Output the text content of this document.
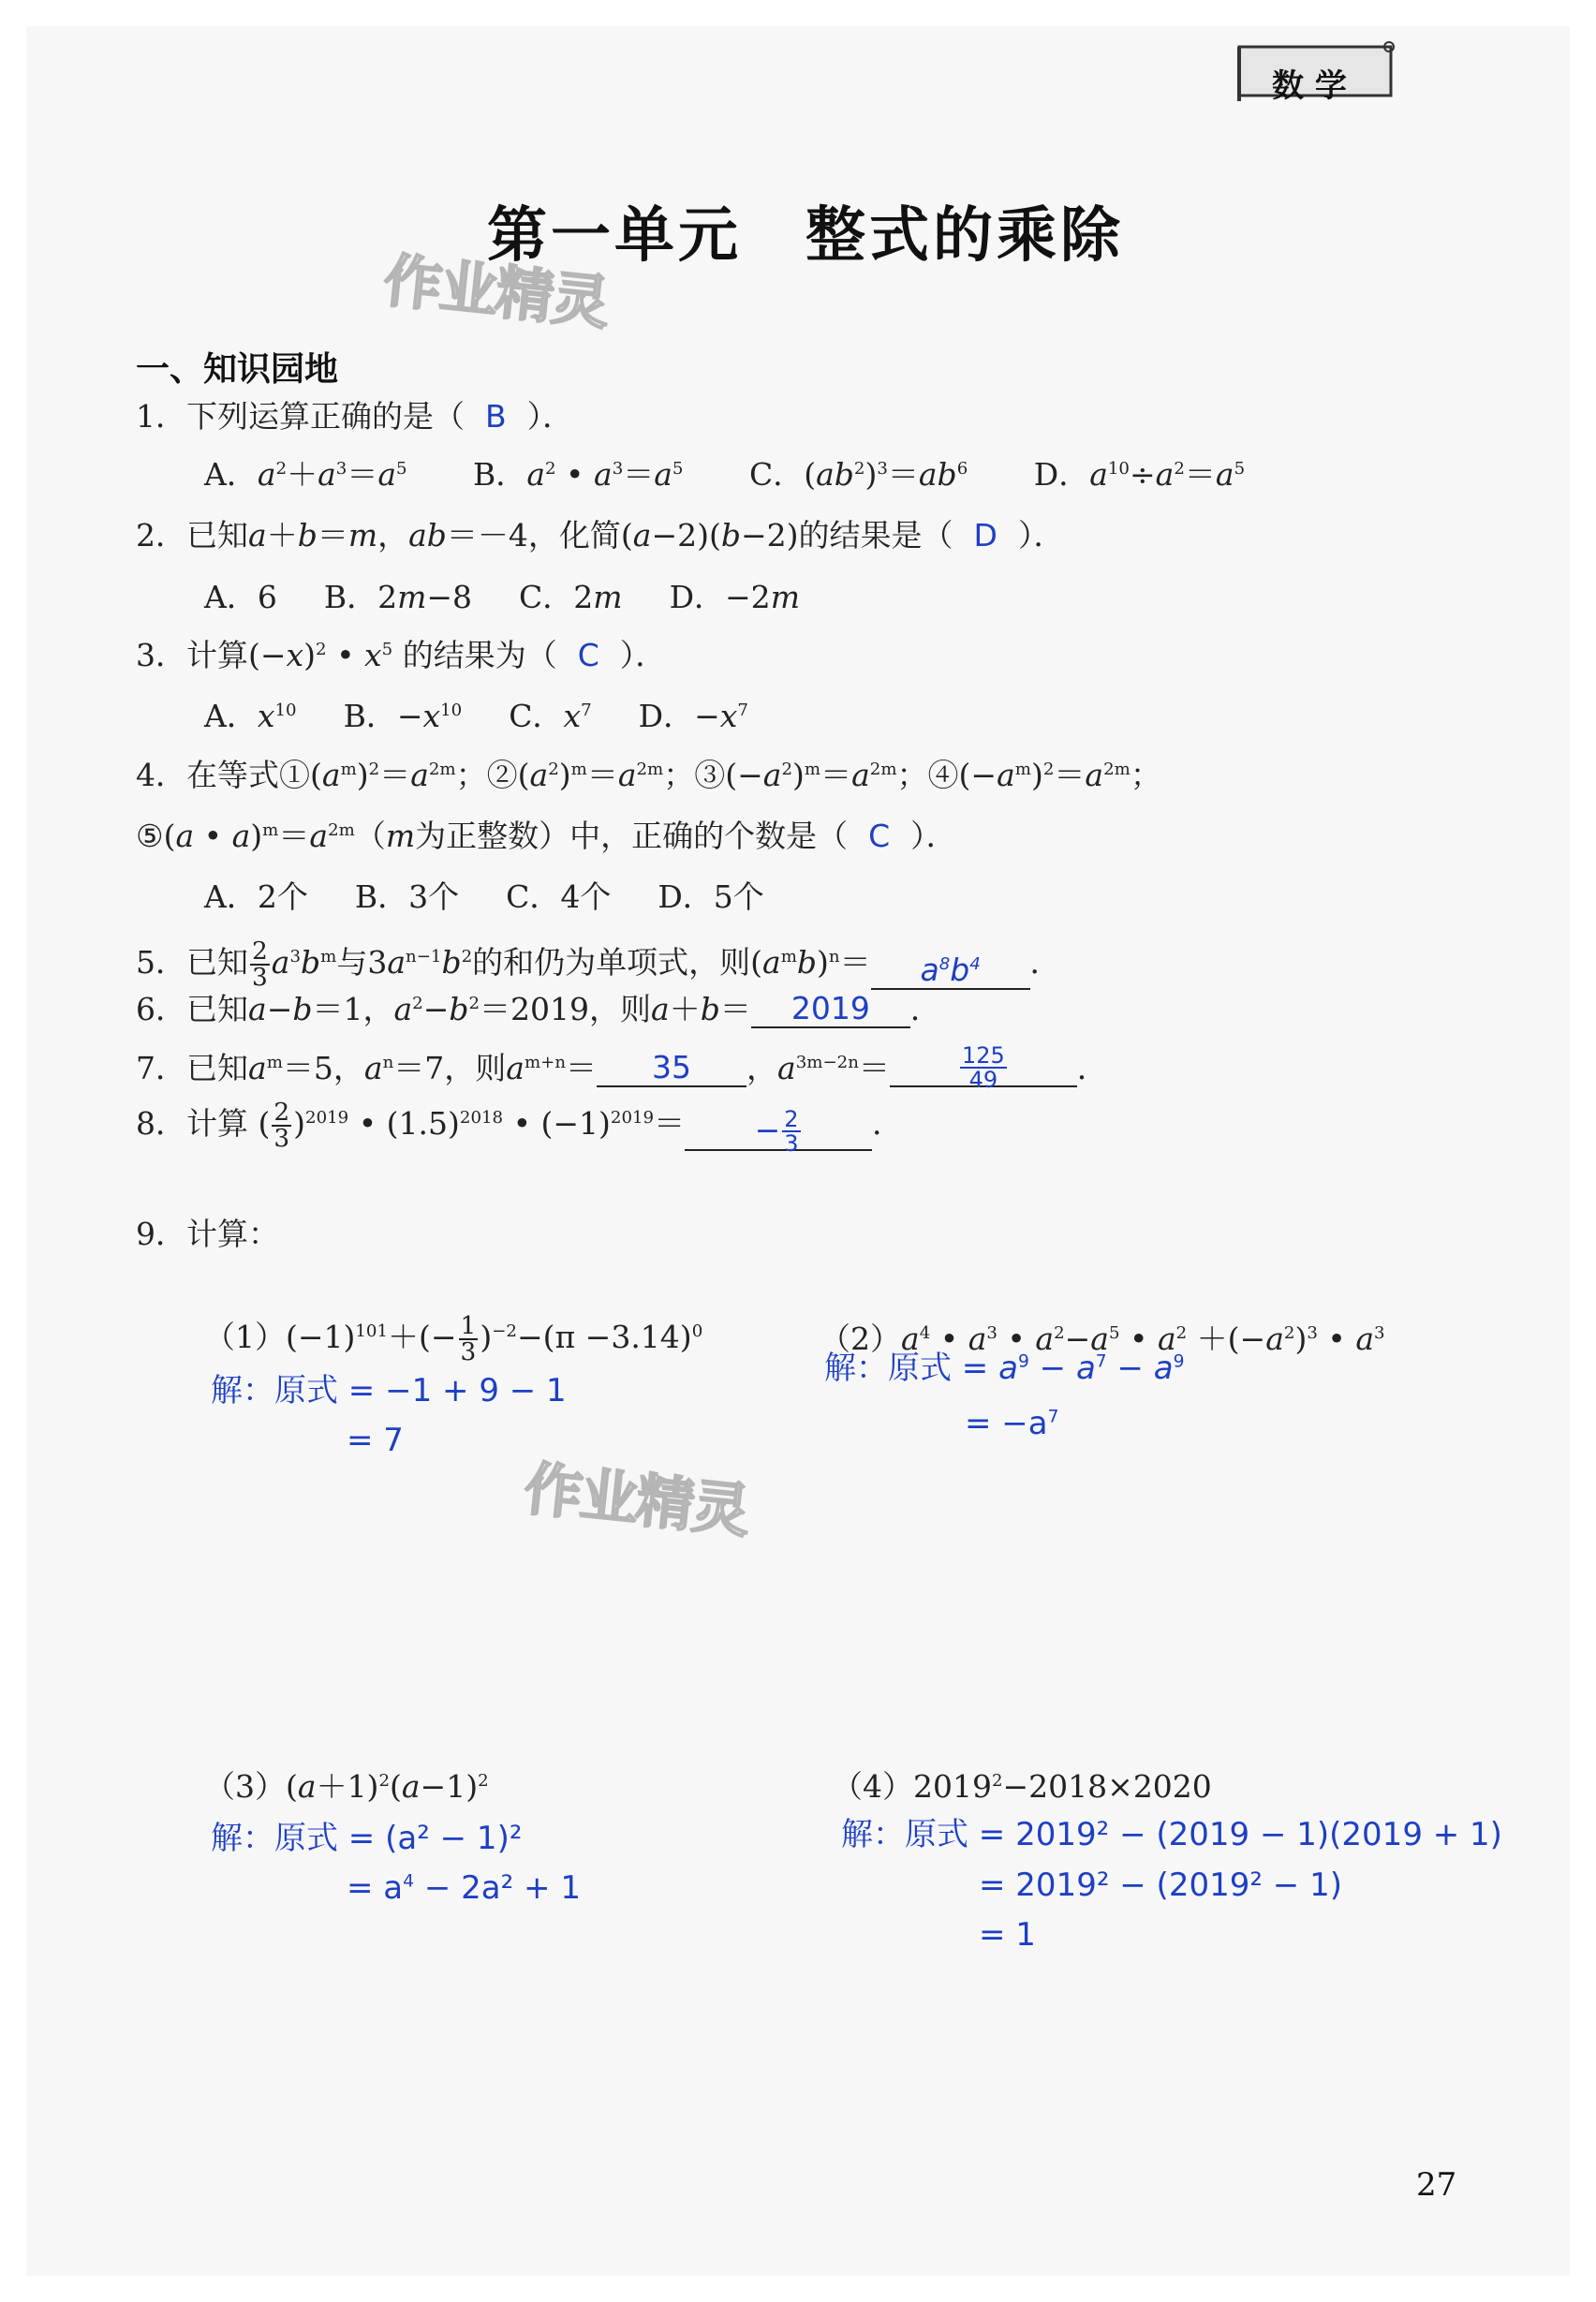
数 学
第一单元　整式的乘除
作业精灵
作业精灵
一、知识园地
1．下列运算正确的是（ B ）．
A．$a^2+a^3=a^5$ B．$a^2$ • $a^3=a^5$ C．$(ab^2)^3=ab^6$ D．$a^{10}\div a^2=a^5$
2．已知a＋b＝m，ab＝－4，化简(a−2)(b−2)的结果是（ D ）．
A．6 B．2m−8 C．2m D．−2m
3．计算$(-x)^2$ • $x^5$ 的结果为（ C ）．
A．$x^{10}$ B．$-x^{10}$ C．$x^7$ D．$-x^7$
4．在等式$①(a^m)^2=a^{2m}$；$②(a^2)^m=a^{2m}$；$③(-a^2)^m=a^{2m}$；$④(-a^m)^2=a^{2m}$；
⑤(a • $a)^m=a^{2m}(m$为正整数）中，正确的个数是（ C ）．
A．2个 B．3个 C．4个 D．5个
5．已知 $\frac{2}{3} a^3b^m$与$3a^{n-1}b^2$的和仍为单项式，则$(a^mb)^n= a^8b^4$ ．
6．已知a−b＝1，$a^2-b^2=2019$，则a＋b＝ 2019 ．
7．已知$a^m=5$，$a^n=7$，则$a^{m+n}= 35$ ，$a^{3m-2n}=$	$\frac{125}{49}$ ．
8．计算 ( $\frac{2}{3} )^{2019}$ • $(1.5)^{2018}$ • $(-1)^{2019}= - \frac{2}{3}$ ．
9．计算：
$(1)(-1)^{101}+(- \frac{1}{3} )^{-2}-(\pi -3.14)^0$
解：原式 = −1 + 9 − 1
= 7
$(2)a^4$ • $a^3$ • $a^2-a^5$ • $a^2 +(-a^2)^3$ • $a^3$
解：原式 = $a^9 - a^7 - a^9$
= $-a^7$
$(3)(a+1)^2(a-1)^2$
解：原式 = (a² − 1)²
= $a^4 - 2a^2 + 1$
$(4)2019^2-2018\times 2020$
解：原式 = 2019² − (2019 − 1)(2019 + 1)
= 2019² − (2019² − 1)
= 1
27
